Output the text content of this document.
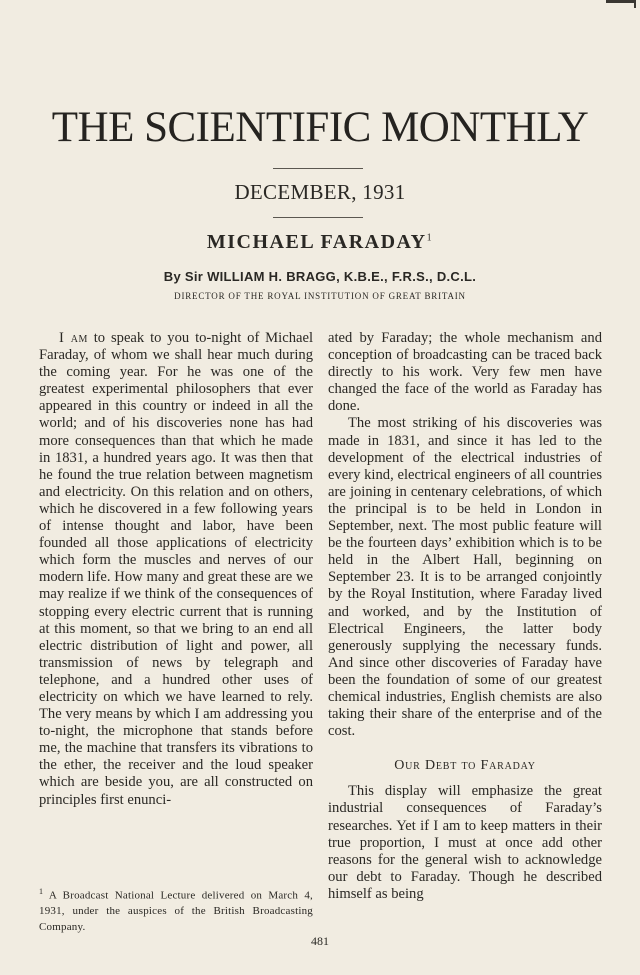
THE SCIENTIFIC MONTHLY
DECEMBER, 1931
MICHAEL FARADAY$^1$
By Sir WILLIAM H. BRAGG, K.B.E., F.R.S., D.C.L.
DIRECTOR OF THE ROYAL INSTITUTION OF GREAT BRITAIN

I am to speak to you to-night of Michael Faraday, of whom we shall hear much during the coming year. For he was one of the greatest experimental philosophers that ever appeared in this country or indeed in all the world; and of his discoveries none has had more consequences than that which he made in 1831, a hundred years ago. It was then that he found the true relation between magnetism and electricity. On this relation and on others, which he discovered in a few following years of intense thought and labor, have been founded all those applications of electricity which form the muscles and nerves of our modern life. How many and great these are we may realize if we think of the consequences of stopping every electric current that is running at this moment, so that we bring to an end all electric distribution of light and power, all transmission of news by telegraph and telephone, and a hundred other uses of electricity on which we have learned to rely. The very means by which I am addressing you to-night, the microphone that stands before me, the machine that transfers its vibrations to the ether, the receiver and the loud speaker which are beside you, are all constructed on principles first enunci-

ated by Faraday; the whole mechanism and conception of broadcasting can be traced back directly to his work. Very few men have changed the face of the world as Faraday has done.

The most striking of his discoveries was made in 1831, and since it has led to the development of the electrical industries of every kind, electrical engineers of all countries are joining in centenary celebrations, of which the principal is to be held in London in September, next. The most public feature will be the fourteen days’ exhibition which is to be held in the Albert Hall, beginning on September 23. It is to be arranged conjointly by the Royal Institution, where Faraday lived and worked, and by the Institution of Electrical Engineers, the latter body generously supplying the necessary funds. And since other discoveries of Faraday have been the foundation of some of our greatest chemical industries, English chemists are also taking their share of the enterprise and of the cost.

Our Debt to Faraday

This display will emphasize the great industrial consequences of Faraday’s researches. Yet if I am to keep matters in their true proportion, I must at once add other reasons for the general wish to acknowledge our debt to Faraday. Though he described himself as being

$^1$ A Broadcast National Lecture delivered on March 4, 1931, under the auspices of the British Broadcasting Company.
481
